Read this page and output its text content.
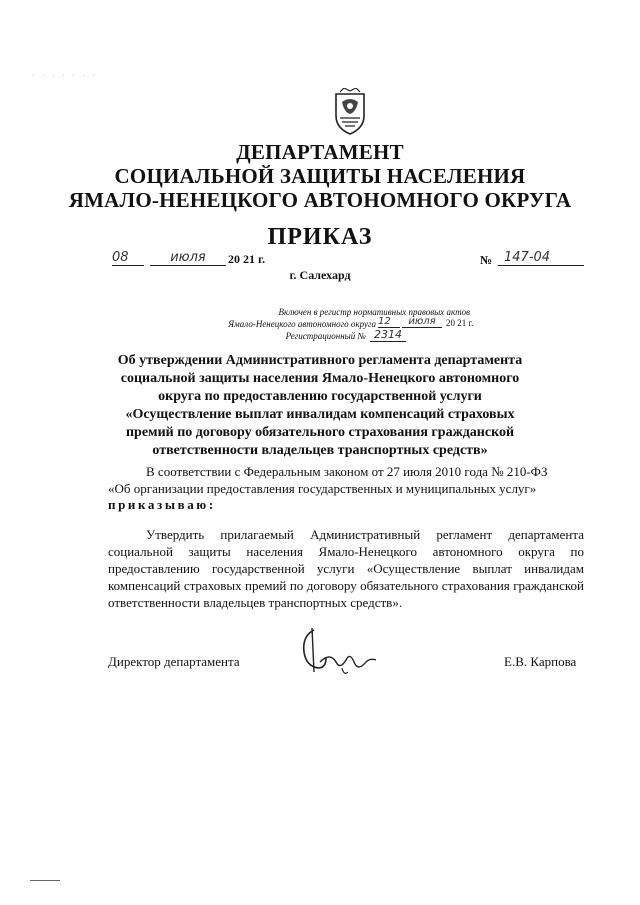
· · · · · · ·
ДЕПАРТАМЕНТ
СОЦИАЛЬНОЙ ЗАЩИТЫ НАСЕЛЕНИЯ
ЯМАЛО-НЕНЕЦКОГО АВТОНОМНОГО ОКРУГА
ПРИКАЗ
08	июля	20 21 г.	№ 147-04
г. Салехард
Включен в регистр нормативных правовых актов
Ямало-Ненецкого автономного округа 12	июля	20 21 г.
Регистрационный № 2314
Об утверждении Административного регламента департамента социальной защиты населения Ямало-Ненецкого автономного округа по предоставлению государственной услуги «Осуществление выплат инвалидам компенсаций страховых премий по договору обязательного страхования гражданской ответственности владельцев транспортных средств»
В соответствии с Федеральным законом от 27 июля 2010 года № 210-ФЗ
«Об организации предоставления государственных и муниципальных услуг»
приказываю:
Утвердить прилагаемый Административный регламент департамента социальной защиты населения Ямало-Ненецкого автономного округа по предоставлению государственной услуги «Осуществление выплат инвалидам компенсаций страховых премий по договору обязательного страхования гражданской ответственности владельцев транспортных средств».
Директор департамента	Е.В. Карпова
